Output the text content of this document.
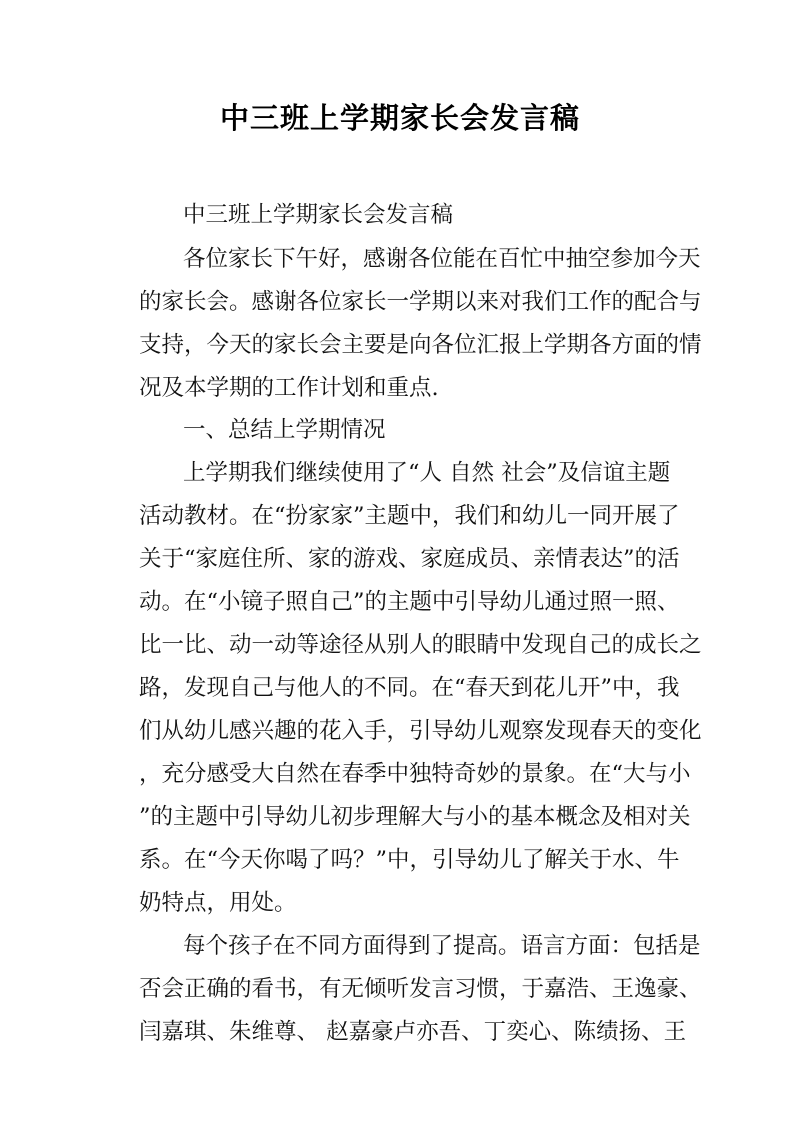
中三班上学期家长会发言稿
中三班上学期家长会发言稿
各位家长下午好，感谢各位能在百忙中抽空参加今天
的家长会。感谢各位家长一学期以来对我们工作的配合与
支持，今天的家长会主要是向各位汇报上学期各方面的情
况及本学期的工作计划和重点.
一、总结上学期情况
上学期我们继续使用了“人 自然 社会”及信谊主题
活动教材。在“扮家家”主题中，我们和幼儿一同开展了
关于“家庭住所、家的游戏、家庭成员、亲情表达”的活
动。在“小镜子照自己”的主题中引导幼儿通过照一照、
比一比、动一动等途径从别人的眼睛中发现自己的成长之
路，发现自己与他人的不同。在“春天到花儿开”中，我
们从幼儿感兴趣的花入手，引导幼儿观察发现春天的变化
，充分感受大自然在春季中独特奇妙的景象。在“大与小
”的主题中引导幼儿初步理解大与小的基本概念及相对关
系。在“今天你喝了吗？”中，引导幼儿了解关于水、牛
奶特点，用处。
每个孩子在不同方面得到了提高。语言方面：包括是
否会正确的看书，有无倾听发言习惯，于嘉浩、王逸豪、
闫嘉琪、朱维尊、 赵嘉豪卢亦吾、丁奕心、陈绩扬、王
